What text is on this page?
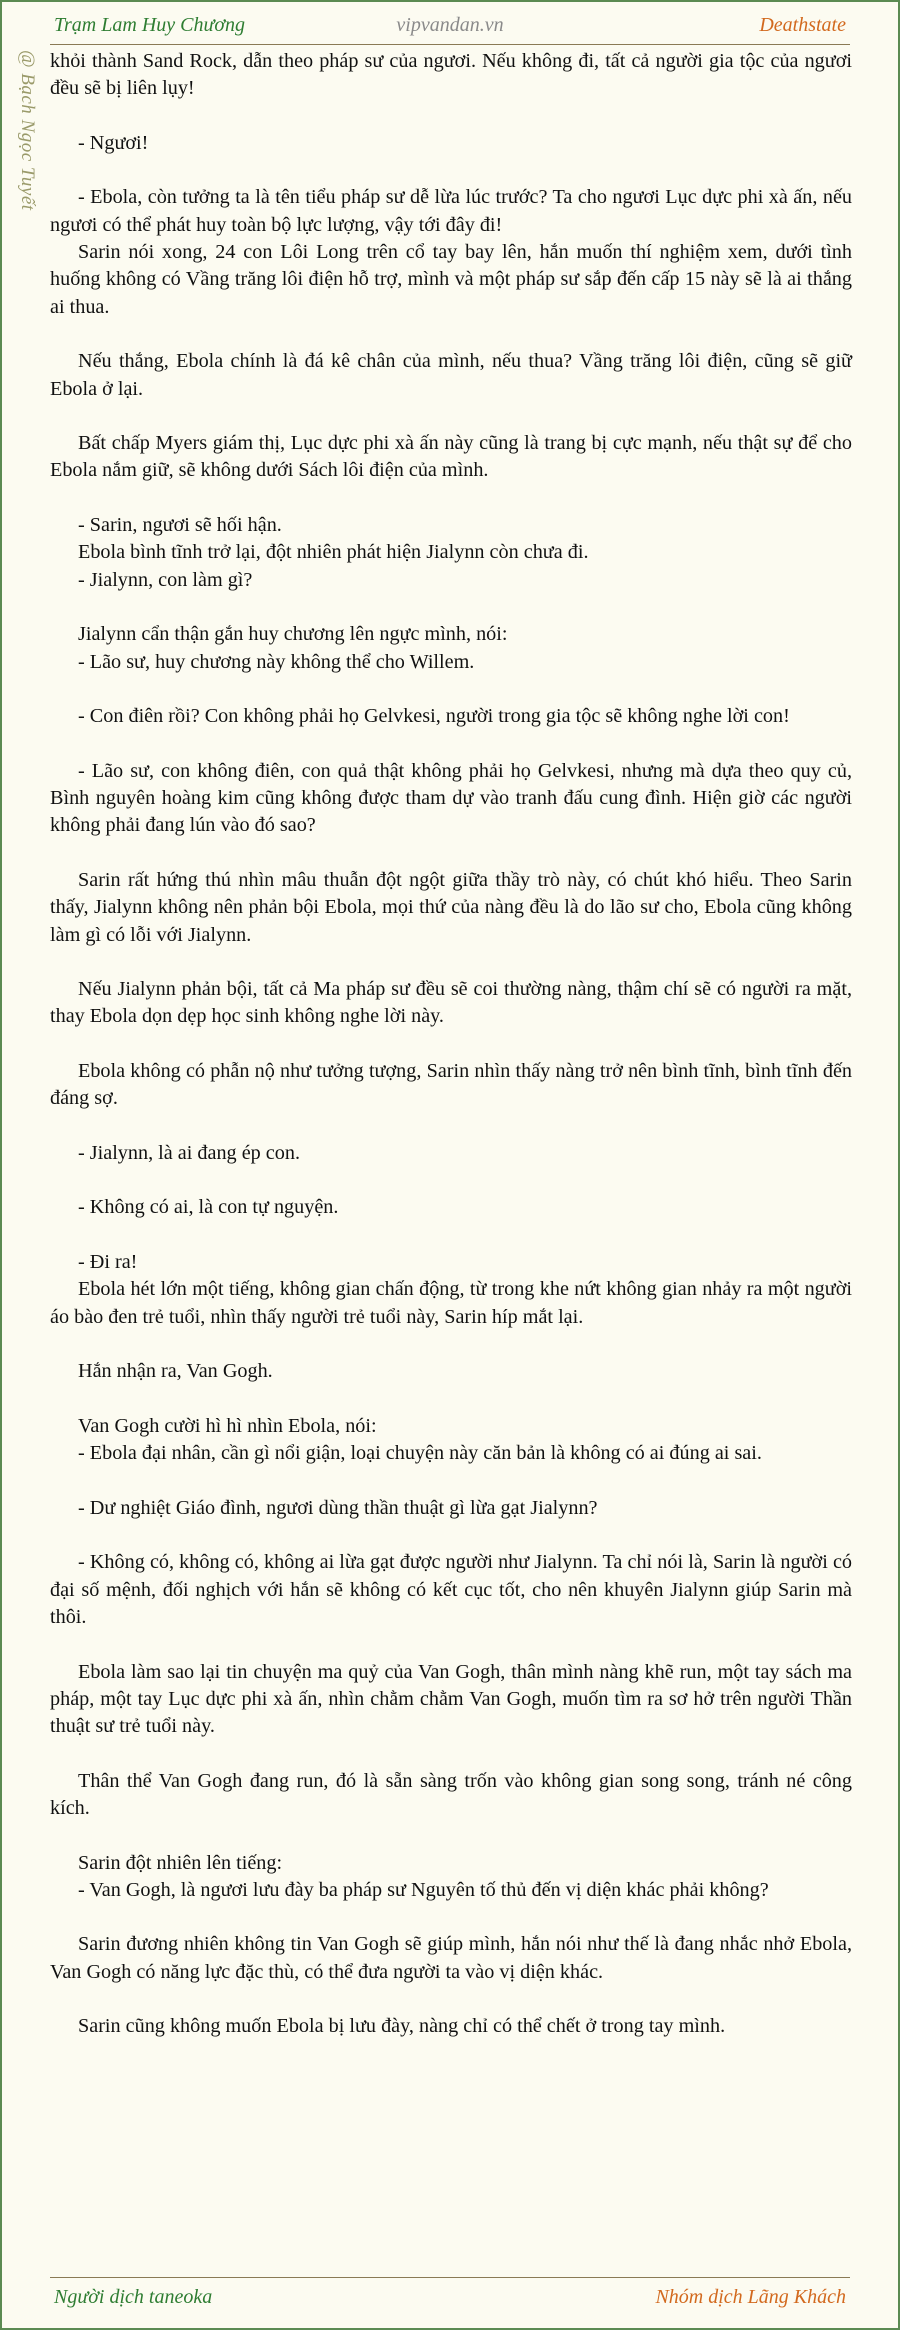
Trạm Lam Huy Chương	vipvandan.vn	Deathstate
@ Bạch Ngọc Tuyết khỏi thành Sand Rock, dẫn theo pháp sư của ngươi. Nếu không đi, tất cả người gia tộc của ngươi đều sẽ bị liên lụy!

- Ngươi!

- Ebola, còn tưởng ta là tên tiểu pháp sư dễ lừa lúc trước? Ta cho ngươi Lục dực phi xà ấn, nếu ngươi có thể phát huy toàn bộ lực lượng, vậy tới đây đi!

Sarin nói xong, 24 con Lôi Long trên cổ tay bay lên, hắn muốn thí nghiệm xem, dưới tình huống không có Vầng trăng lôi điện hỗ trợ, mình và một pháp sư sắp đến cấp 15 này sẽ là ai thắng ai thua.

Nếu thắng, Ebola chính là đá kê chân của mình, nếu thua? Vầng trăng lôi điện, cũng sẽ giữ Ebola ở lại.

Bất chấp Myers giám thị, Lục dực phi xà ấn này cũng là trang bị cực mạnh, nếu thật sự để cho Ebola nắm giữ, sẽ không dưới Sách lôi điện của mình.

- Sarin, ngươi sẽ hối hận.

Ebola bình tĩnh trở lại, đột nhiên phát hiện Jialynn còn chưa đi.

- Jialynn, con làm gì?

Jialynn cẩn thận gắn huy chương lên ngực mình, nói:

- Lão sư, huy chương này không thể cho Willem.

- Con điên rồi? Con không phải họ Gelvkesi, người trong gia tộc sẽ không nghe lời con!

- Lão sư, con không điên, con quả thật không phải họ Gelvkesi, nhưng mà dựa theo quy củ, Bình nguyên hoàng kim cũng không được tham dự vào tranh đấu cung đình. Hiện giờ các người không phải đang lún vào đó sao?

Sarin rất hứng thú nhìn mâu thuẫn đột ngột giữa thầy trò này, có chút khó hiểu. Theo Sarin thấy, Jialynn không nên phản bội Ebola, mọi thứ của nàng đều là do lão sư cho, Ebola cũng không làm gì có lỗi với Jialynn.

Nếu Jialynn phản bội, tất cả Ma pháp sư đều sẽ coi thường nàng, thậm chí sẽ có người ra mặt, thay Ebola dọn dẹp học sinh không nghe lời này.

Ebola không có phẫn nộ như tưởng tượng, Sarin nhìn thấy nàng trở nên bình tĩnh, bình tĩnh đến đáng sợ.

- Jialynn, là ai đang ép con.

- Không có ai, là con tự nguyện.

- Đi ra!

Ebola hét lớn một tiếng, không gian chấn động, từ trong khe nứt không gian nhảy ra một người áo bào đen trẻ tuổi, nhìn thấy người trẻ tuổi này, Sarin híp mắt lại.

Hắn nhận ra, Van Gogh.

Van Gogh cười hì hì nhìn Ebola, nói:

- Ebola đại nhân, cần gì nổi giận, loại chuyện này căn bản là không có ai đúng ai sai.

- Dư nghiệt Giáo đình, ngươi dùng thần thuật gì lừa gạt Jialynn?

- Không có, không có, không ai lừa gạt được người như Jialynn. Ta chỉ nói là, Sarin là người có đại số mệnh, đối nghịch với hắn sẽ không có kết cục tốt, cho nên khuyên Jialynn giúp Sarin mà thôi.

Ebola làm sao lại tin chuyện ma quỷ của Van Gogh, thân mình nàng khẽ run, một tay sách ma pháp, một tay Lục dực phi xà ấn, nhìn chằm chằm Van Gogh, muốn tìm ra sơ hở trên người Thần thuật sư trẻ tuổi này.

Thân thể Van Gogh đang run, đó là sẵn sàng trốn vào không gian song song, tránh né công kích.

Sarin đột nhiên lên tiếng:

- Van Gogh, là ngươi lưu đày ba pháp sư Nguyên tố thủ đến vị diện khác phải không?

Sarin đương nhiên không tin Van Gogh sẽ giúp mình, hắn nói như thế là đang nhắc nhở Ebola, Van Gogh có năng lực đặc thù, có thể đưa người ta vào vị diện khác.

Sarin cũng không muốn Ebola bị lưu đày, nàng chỉ có thể chết ở trong tay mình.

Người dịch taneoka	Nhóm dịch Lãng Khách
